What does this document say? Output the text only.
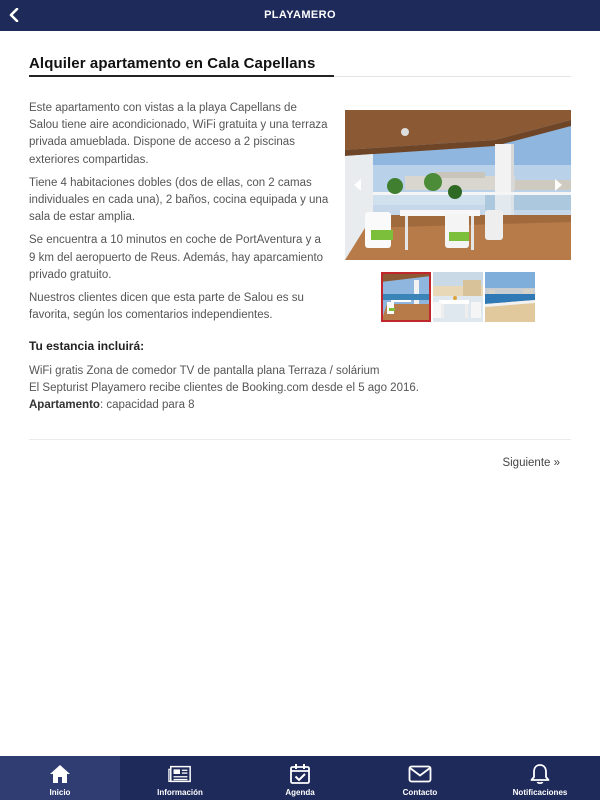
PLAYAMERO
Alquiler apartamento en Cala Capellans

Este apartamento con vistas a la playa Capellans de Salou tiene aire acondicionado, WiFi gratuita y una terraza privada amueblada. Dispone de acceso a 2 piscinas exteriores compartidas.

Tiene 4 habitaciones dobles (dos de ellas, con 2 camas individuales en cada una), 2 baños, cocina equipada y una sala de estar amplia.

Se encuentra a 10 minutos en coche de PortAventura y a 9 km del aeropuerto de Reus. Además, hay aparcamiento privado gratuito.

Nuestros clientes dicen que esta parte de Salou es su favorita, según los comentarios independientes.

Tu estancia incluirá:
WiFi gratis Zona de comedor TV de pantalla plana Terraza / solárium
El Septurist Playamero recibe clientes de Booking.com desde el 5 ago 2016.
Apartamento: capacidad para 8
Siguiente »
Inicio	Información	Agenda	Contacto	Notificaciones
